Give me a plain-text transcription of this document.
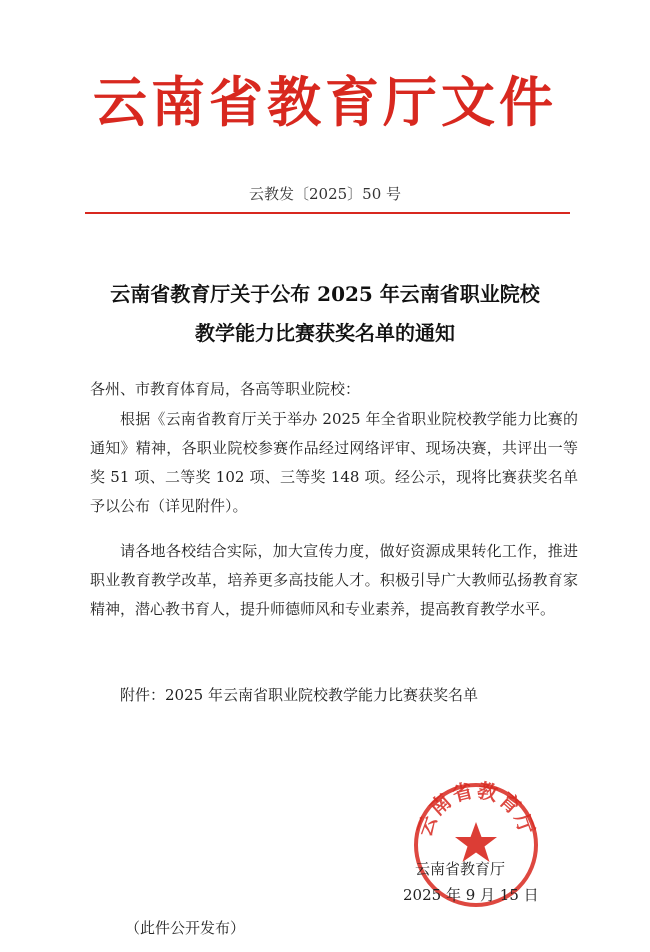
云南省教育厅文件
云教发〔2025〕50 号
云南省教育厅关于公布 2025 年云南省职业院校
教学能力比赛获奖名单的通知
各州、市教育体育局，各高等职业院校：
根据《云南省教育厅关于举办 2025 年全省职业院校教学能力比赛的通知》精神，各职业院校参赛作品经过网络评审、现场决赛，共评出一等奖 51 项、二等奖 102 项、三等奖 148 项。经公示，现将比赛获奖名单予以公布（详见附件）。
请各地各校结合实际，加大宣传力度，做好资源成果转化工作，推进职业教育教学改革，培养更多高技能人才。积极引导广大教师弘扬教育家精神，潜心教书育人，提升师德师风和专业素养，提高教育教学水平。
附件：2025 年云南省职业院校教学能力比赛获奖名单
云南省教育厅
云南省教育厅
2025 年 9 月 15 日
（此件公开发布）
